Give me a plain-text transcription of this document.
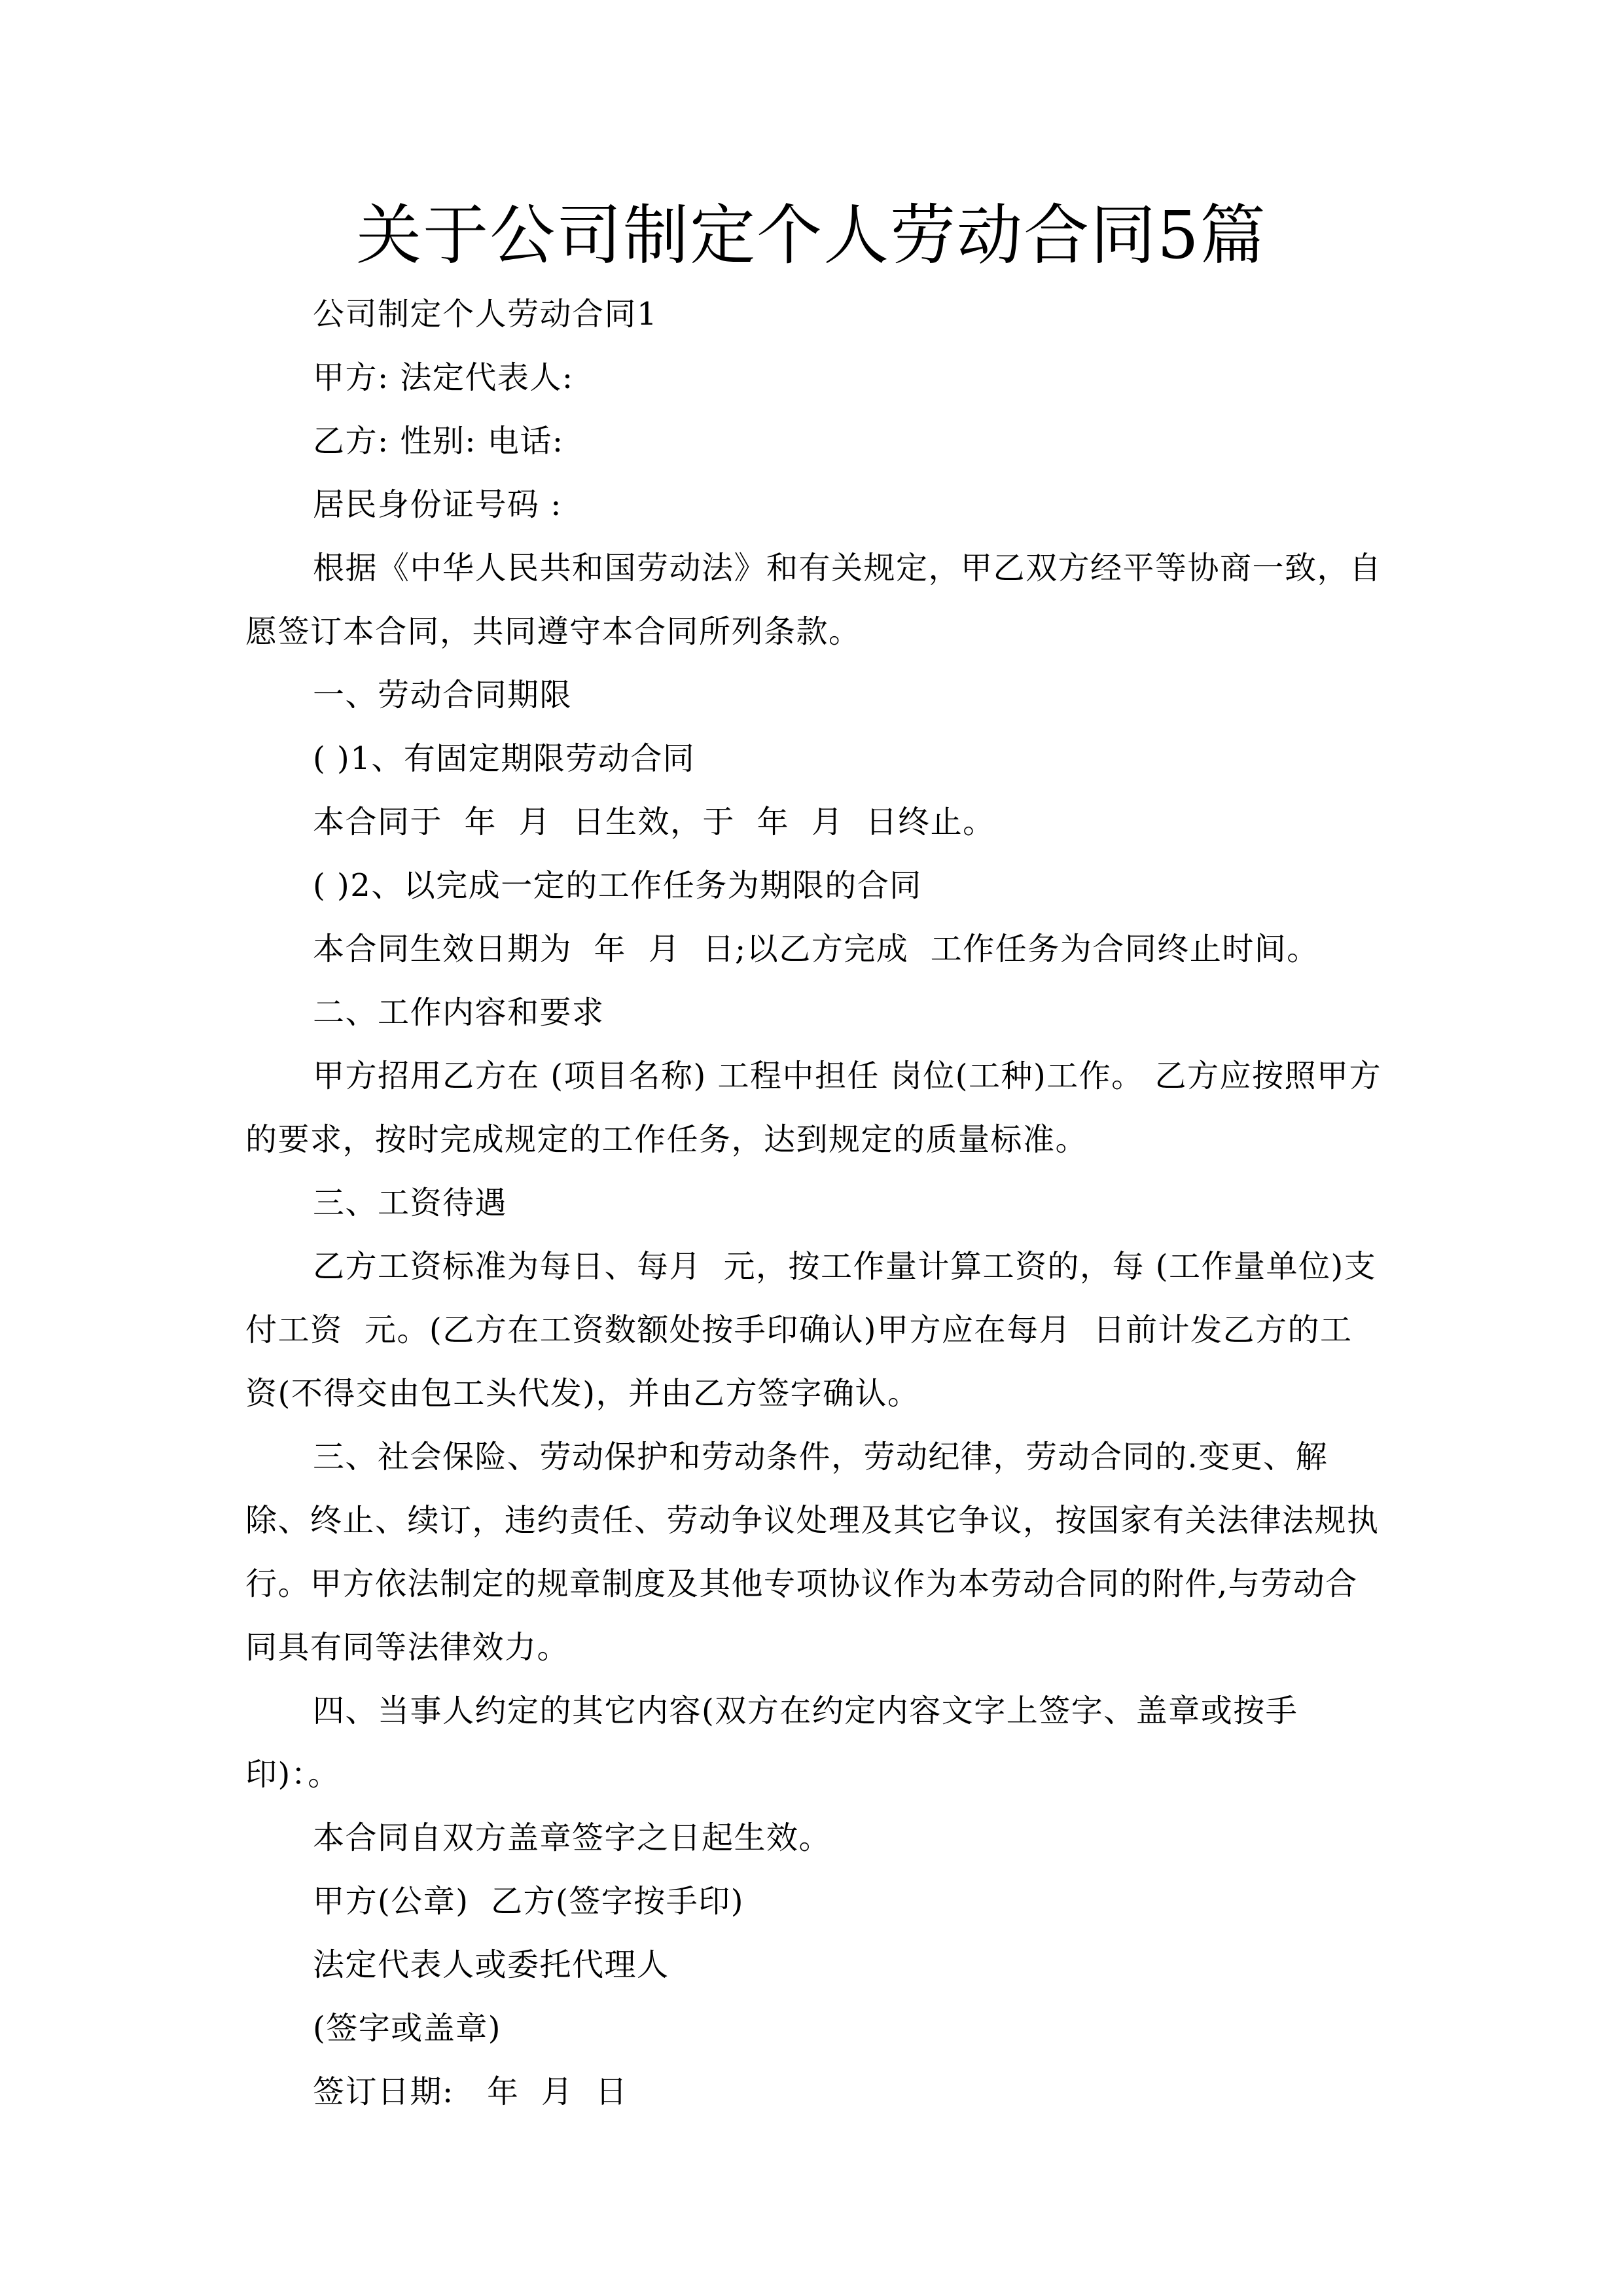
关于公司制定个人劳动合同5篇

公司制定个人劳动合同1

甲方: 法定代表人:

乙方: 性别: 电话:

居民身份证号码 :

根据《中华人民共和国劳动法》和有关规定，甲乙双方经平等协商一致，自愿签订本合同，共同遵守本合同所列条款。

一、劳动合同期限

( )1、有固定期限劳动合同

本合同于  年  月  日生效，于  年  月  日终止。

( )2、以完成一定的工作任务为期限的合同

本合同生效日期为  年  月  日;以乙方完成  工作任务为合同终止时间。

二、工作内容和要求

甲方招用乙方在 (项目名称) 工程中担任 岗位(工种)工作。 乙方应按照甲方的要求，按时完成规定的工作任务，达到规定的质量标准。

三、工资待遇

乙方工资标准为每日、每月  元，按工作量计算工资的，每 (工作量单位)支付工资  元。(乙方在工资数额处按手印确认)甲方应在每月  日前计发乙方的工资(不得交由包工头代发)，并由乙方签字确认。

三、社会保险、劳动保护和劳动条件，劳动纪律，劳动合同的.变更、解除、终止、续订，违约责任、劳动争议处理及其它争议，按国家有关法律法规执行。甲方依法制定的规章制度及其他专项协议作为本劳动合同的附件,与劳动合同具有同等法律效力。

四、当事人约定的其它内容(双方在约定内容文字上签字、盖章或按手印)：。

本合同自双方盖章签字之日起生效。

甲方(公章)  乙方(签字按手印)

法定代表人或委托代理人

(签字或盖章)

签订日期:   年  月  日
